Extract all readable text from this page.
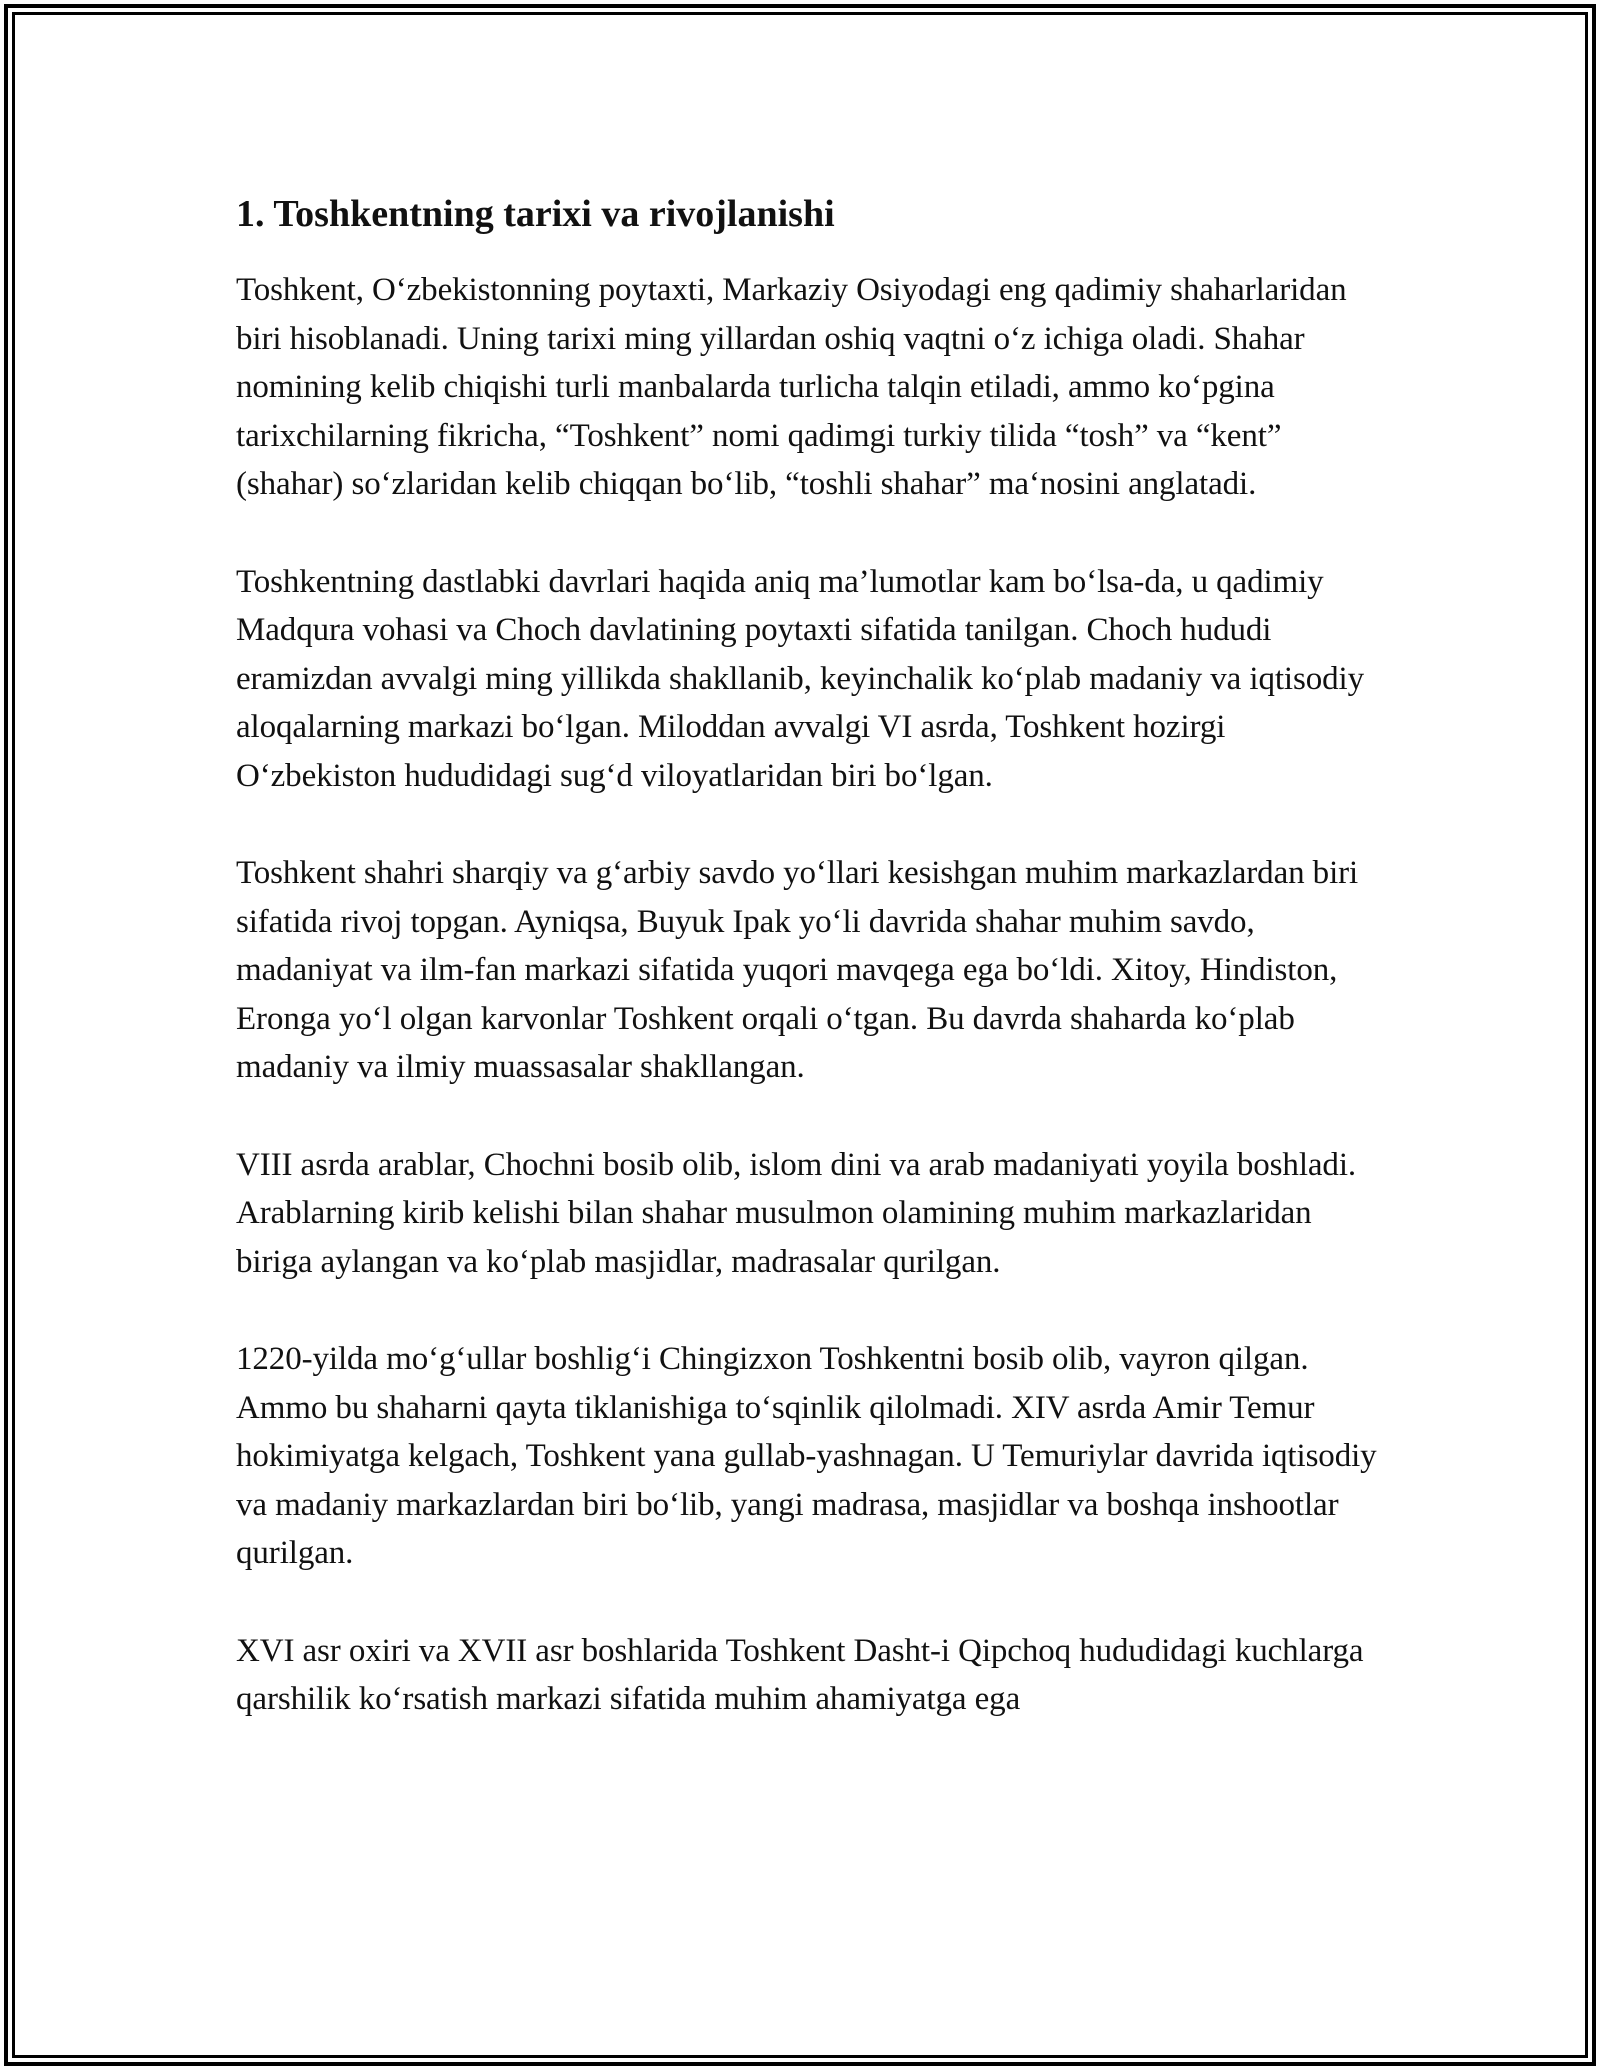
1. Toshkentning tarixi va rivojlanishi

Toshkent, O‘zbekistonning poytaxti, Markaziy Osiyodagi eng qadimiy shaharlaridan biri hisoblanadi. Uning tarixi ming yillardan oshiq vaqtni o‘z ichiga oladi. Shahar nomining kelib chiqishi turli manbalarda turlicha talqin etiladi, ammo ko‘pgina tarixchilarning fikricha, “Toshkent” nomi qadimgi turkiy tilida “tosh” va “kent” (shahar) so‘zlaridan kelib chiqqan bo‘lib, “toshli shahar” ma‘nosini anglatadi.

Toshkentning dastlabki davrlari haqida aniq ma’lumotlar kam bo‘lsa-da, u qadimiy Madqura vohasi va Choch davlatining poytaxti sifatida tanilgan. Choch hududi eramizdan avvalgi ming yillikda shakllanib, keyinchalik ko‘plab madaniy va iqtisodiy aloqalarning markazi bo‘lgan. Miloddan avvalgi VI asrda, Toshkent hozirgi O‘zbekiston hududidagi sug‘d viloyatlaridan biri bo‘lgan.

Toshkent shahri sharqiy va g‘arbiy savdo yo‘llari kesishgan muhim markazlardan biri sifatida rivoj topgan. Ayniqsa, Buyuk Ipak yo‘li davrida shahar muhim savdo, madaniyat va ilm-fan markazi sifatida yuqori mavqega ega bo‘ldi. Xitoy, Hindiston, Eronga yo‘l olgan karvonlar Toshkent orqali o‘tgan. Bu davrda shaharda ko‘plab madaniy va ilmiy muassasalar shakllangan.

VIII asrda arablar, Chochni bosib olib, islom dini va arab madaniyati yoyila boshladi. Arablarning kirib kelishi bilan shahar musulmon olamining muhim markazlaridan biriga aylangan va ko‘plab masjidlar, madrasalar qurilgan.

1220-yilda mo‘g‘ullar boshlig‘i Chingizxon Toshkentni bosib olib, vayron qilgan. Ammo bu shaharni qayta tiklanishiga to‘sqinlik qilolmadi. XIV asrda Amir Temur hokimiyatga kelgach, Toshkent yana gullab-yashnagan. U Temuriylar davrida iqtisodiy va madaniy markazlardan biri bo‘lib, yangi madrasa, masjidlar va boshqa inshootlar qurilgan.

XVI asr oxiri va XVII asr boshlarida Toshkent Dasht-i Qipchoq hududidagi kuchlarga qarshilik ko‘rsatish markazi sifatida muhim ahamiyatga ega
